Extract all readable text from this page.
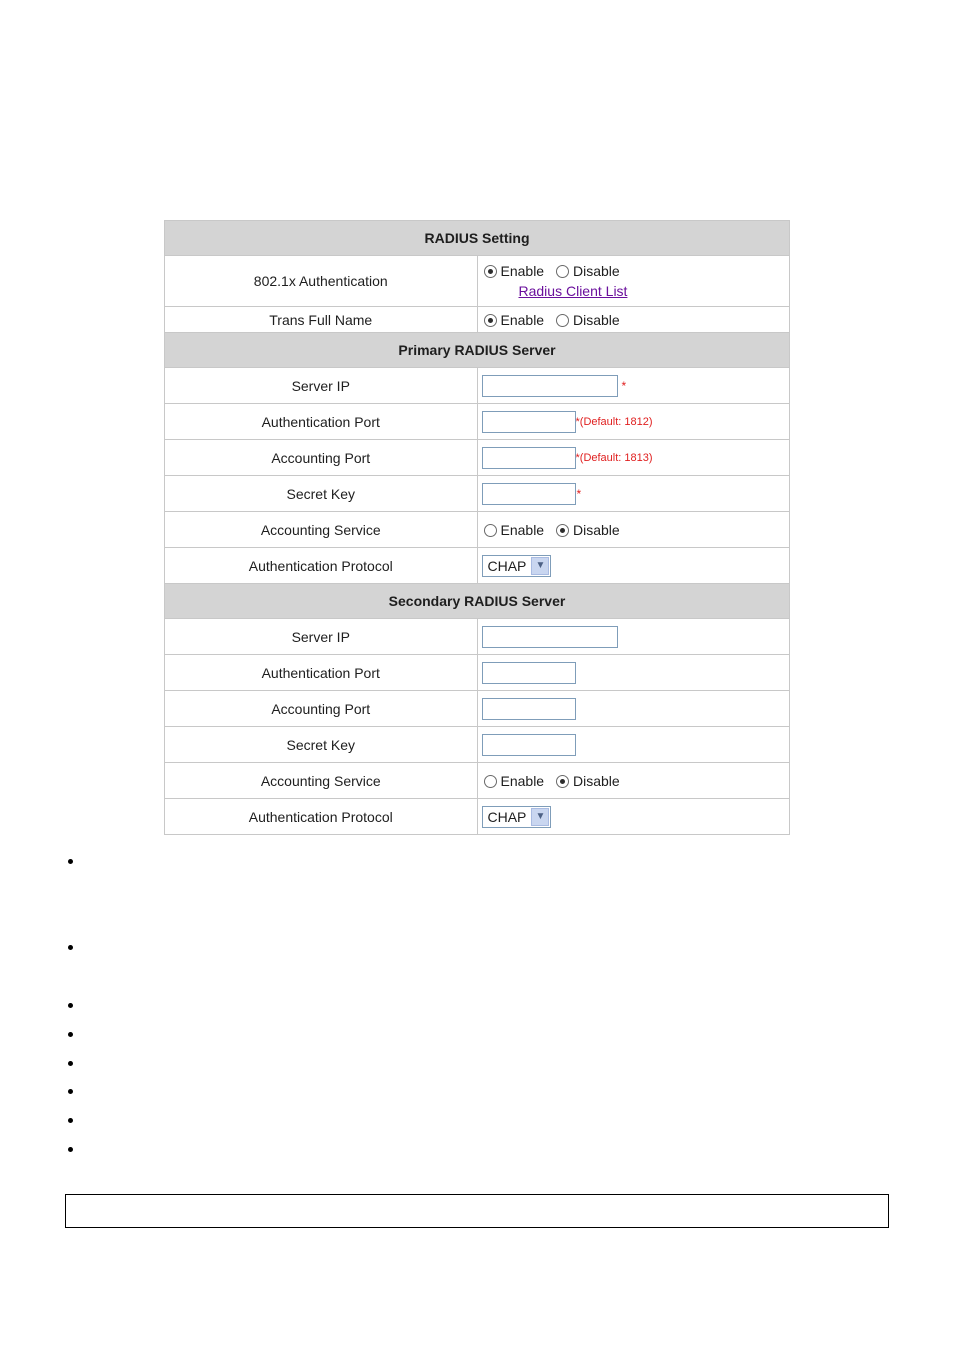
RADIUS Setting	
802.1x Authentication	Enable Disable
Radius Client List
Trans Full Name	Enable Disable
Primary RADIUS Server	
Server IP	*
Authentication Port	*(Default: 1812)
Accounting Port	*(Default: 1813)
Secret Key	*
Accounting Service	Enable Disable
Authentication Protocol	CHAP ▼

Secondary RADIUS Server	
Server IP	
Authentication Port	
Accounting Port	
Secret Key	
Accounting Service	Enable Disable
Authentication Protocol	CHAP ▼
